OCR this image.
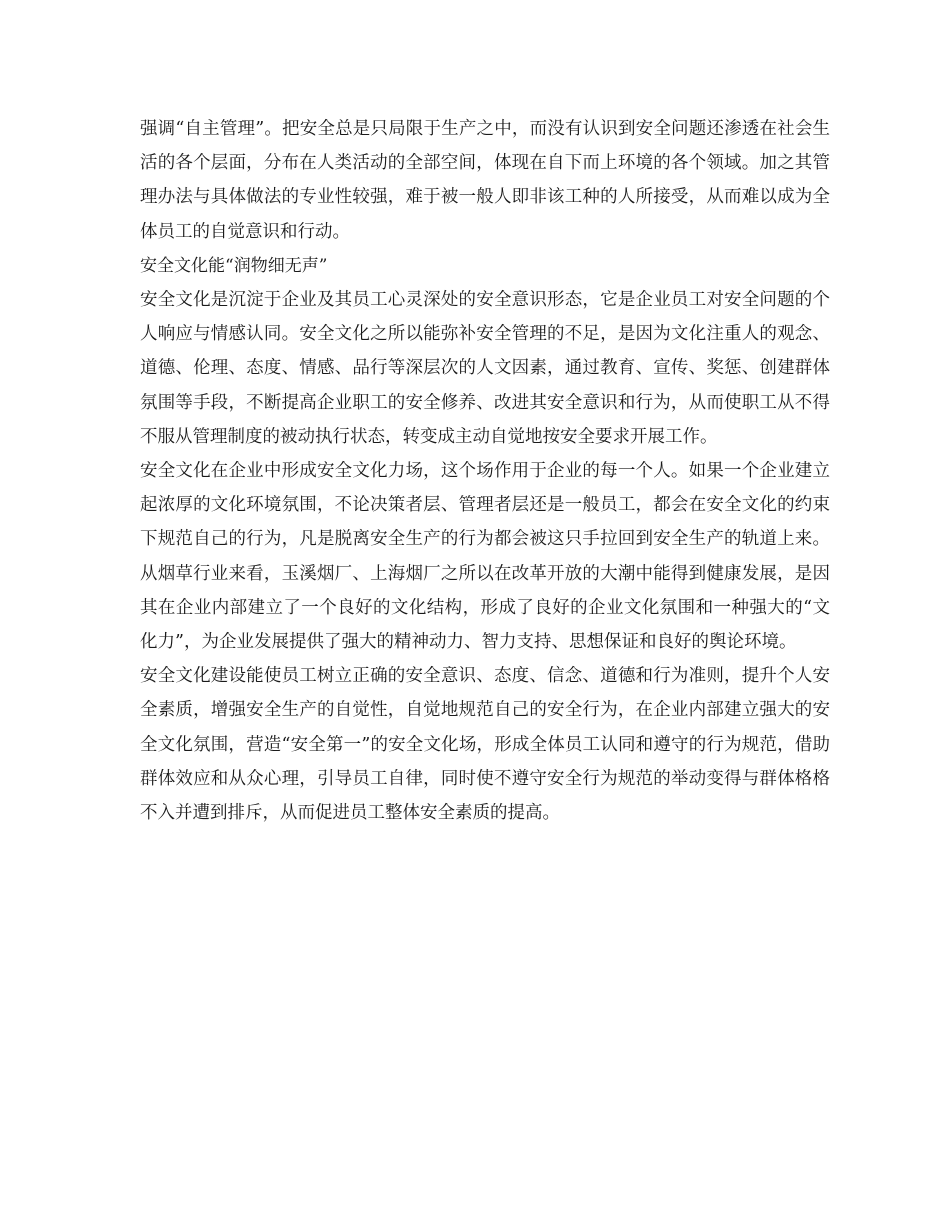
强调“自主管理”。把安全总是只局限于生产之中，而没有认识到安全问题还渗透在社会生活的各个层面，分布在人类活动的全部空间，体现在自下而上环境的各个领域。加之其管理办法与具体做法的专业性较强，难于被一般人即非该工种的人所接受，从而难以成为全体员工的自觉意识和行动。

安全文化能“润物细无声”

安全文化是沉淀于企业及其员工心灵深处的安全意识形态，它是企业员工对安全问题的个人响应与情感认同。安全文化之所以能弥补安全管理的不足，是因为文化注重人的观念、道德、伦理、态度、情感、品行等深层次的人文因素，通过教育、宣传、奖惩、创建群体氛围等手段，不断提高企业职工的安全修养、改进其安全意识和行为，从而使职工从不得不服从管理制度的被动执行状态，转变成主动自觉地按安全要求开展工作。

安全文化在企业中形成安全文化力场，这个场作用于企业的每一个人。如果一个企业建立起浓厚的文化环境氛围，不论决策者层、管理者层还是一般员工，都会在安全文化的约束下规范自己的行为，凡是脱离安全生产的行为都会被这只手拉回到安全生产的轨道上来。从烟草行业来看，玉溪烟厂、上海烟厂之所以在改革开放的大潮中能得到健康发展，是因其在企业内部建立了一个良好的文化结构，形成了良好的企业文化氛围和一种强大的“文化力”，为企业发展提供了强大的精神动力、智力支持、思想保证和良好的舆论环境。

安全文化建设能使员工树立正确的安全意识、态度、信念、道德和行为准则，提升个人安全素质，增强安全生产的自觉性，自觉地规范自己的安全行为，在企业内部建立强大的安全文化氛围，营造“安全第一”的安全文化场，形成全体员工认同和遵守的行为规范，借助群体效应和从众心理，引导员工自律，同时使不遵守安全行为规范的举动变得与群体格格不入并遭到排斥，从而促进员工整体安全素质的提高。
